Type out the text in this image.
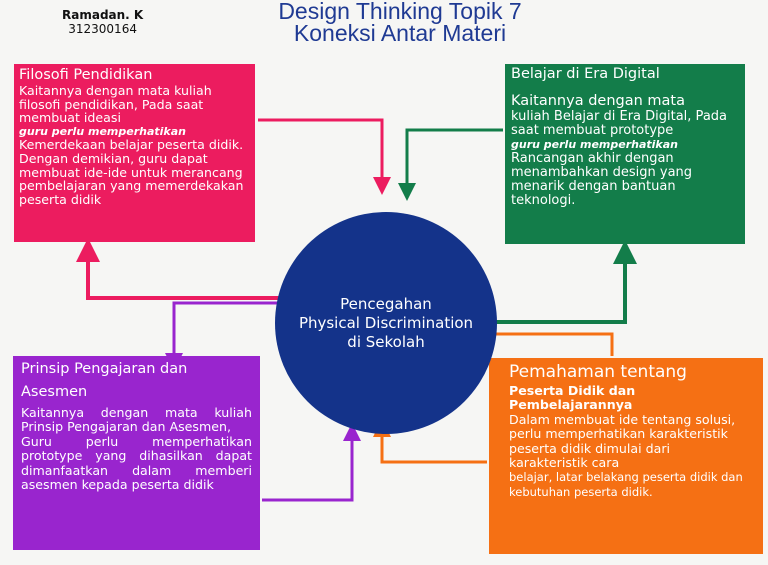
Ramadan. K
312300164
Design Thinking Topik 7
Koneksi Antar Materi

Filosofi Pendidikan

Kaitannya dengan mata kuliah filosofi pendidikan, Pada saat membuat ideasi

guru perlu memperhatikan

Kemerdekaan belajar peserta didik. Dengan demikian, guru dapat membuat ide-ide untuk merancang pembelajaran yang memerdekakan peserta didik

Belajar di Era Digital

Kaitannya dengan mata

kuliah Belajar di Era Digital, Pada saat membuat prototype

guru perlu memperhatikan

Rancangan akhir dengan menambahkan design yang menarik dengan bantuan teknologi.

Prinsip Pengajaran dan Asesmen

Kaitannya dengan mata kuliah Prinsip Pengajaran dan Asesmen,

Guru perlu memperhatikan prototype yang dihasilkan dapat dimanfaatkan dalam memberi asesmen kepada peserta didik

Pemahaman tentang

Peserta Didik dan Pembelajarannya

Dalam membuat ide tentang solusi, perlu memperhatikan karakteristik peserta didik dimulai dari karakteristik cara

belajar, latar belakang peserta didik dan kebutuhan peserta didik.

Pencegahan
Physical Discrimination
di Sekolah
